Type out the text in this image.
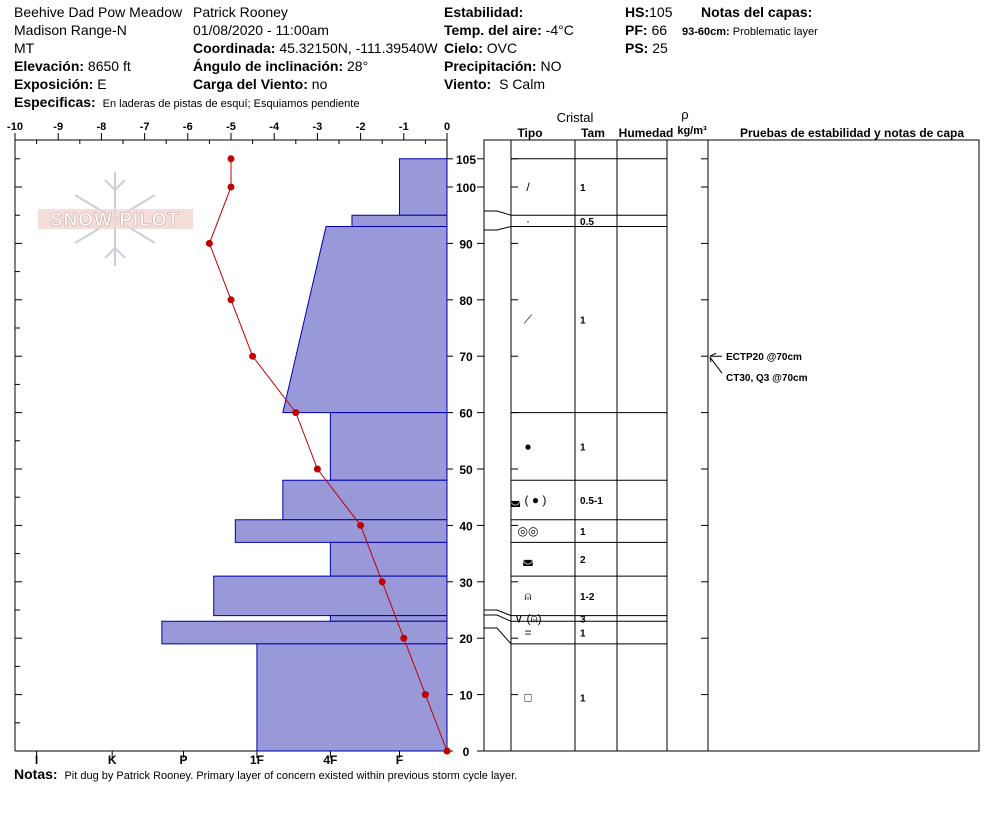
Beehive Dad Pow Meadow Patrick Rooney
Madison Range-N	01/08/2020 - 11:00am
MT	Coordinada: 45.32150N, -111.39540W
Elevación: 8650 ft	Ángulo de inclinación: 28°
Exposición: E	Carga del Viento: no
Especificas: En laderas de pistas de esquí; Esquiamos pendiente
Estabilidad:
Temp. del aire: -4°C
Cielo: OVC
Precipitación: NO
Viento: S Calm
HS:105
PF: 66
PS: 25
Notas del capas:
93-60cm: Problematic layer
Notas: Pit dug by Patrick Rooney. Primary layer of concern existed within previous storm cycle layer.
SNOW PILOT
-10	-9	-8	-7	-6	-5	-4	-3	-2	-1	0
0
10
20
30
40
50
60
70
80
90
100
105
I	K	P	1F	4F	F
Cristal
Tipo	Tam Humedad
ρ
kg/m³	Pruebas de estabilidad y notas de capa
/	1
·	0.5
⟋	1
●	1
◛ ( ● )	0.5-1
◎◎	1
◛	2
⍝	1-2
∨ (⍝)	3
=	1
□	1
ECTP20 @70cm
CT30, Q3 @70cm
